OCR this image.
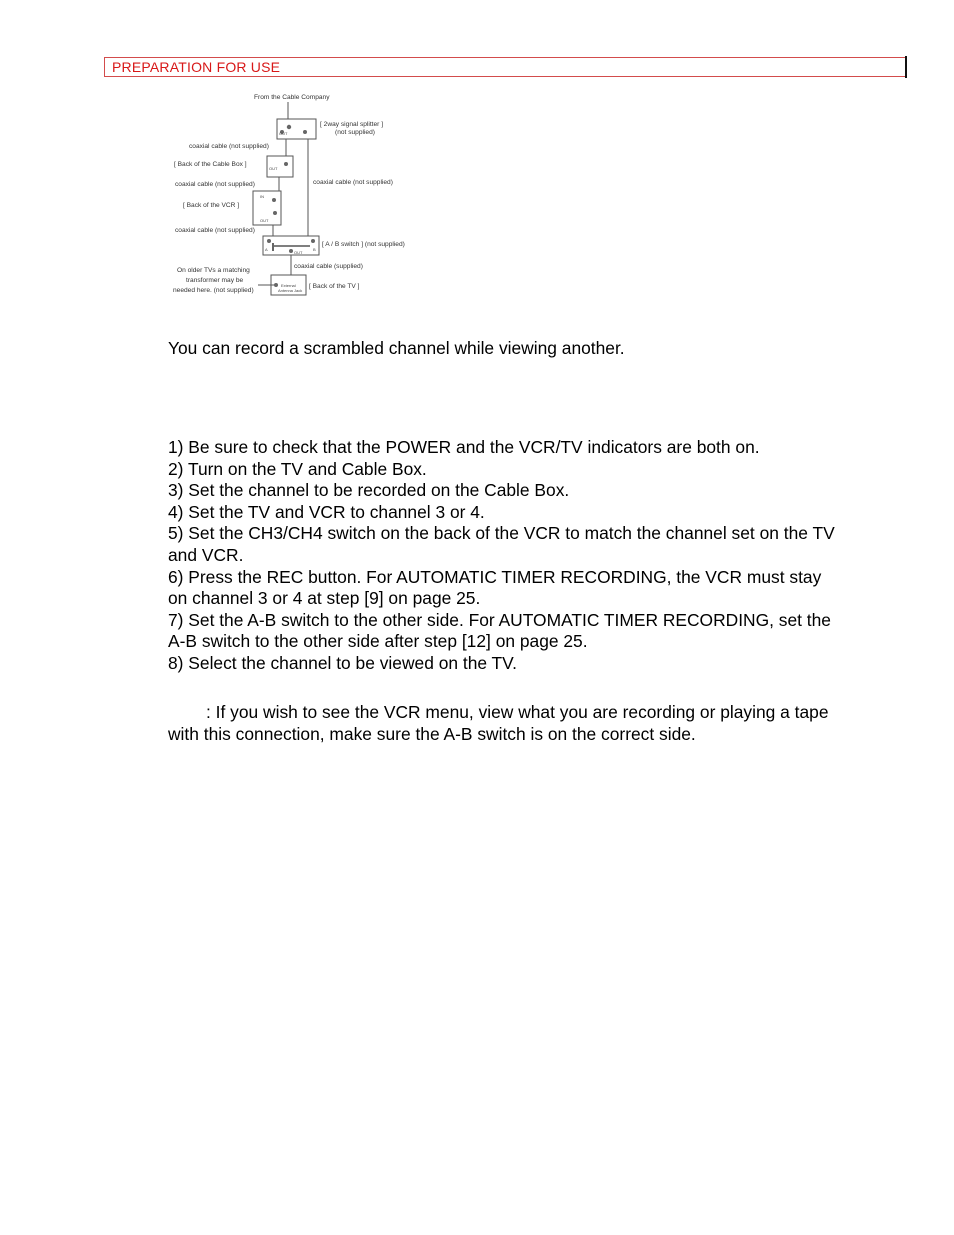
PREPARATION FOR USE
From the Cable Company
[ 2way signal splitter ]
(not supplied)
OUT
coaxial cable (not supplied)
[ Back of the Cable Box ]
OUT
coaxial cable (not supplied)	coaxial cable (not supplied)
[ Back of the VCR ]
IN
OUT
coaxial cable (not supplied)
[ A / B switch ] (not supplied)
A	B
OUT
coaxial cable (supplied)
On older TVs a matching
transformer may be
needed here. (not supplied)
[ Back of the TV ]
External
Antenna Jack
You can record a scrambled channel while viewing another.
1) Be sure to check that the POWER and the VCR/TV indicators are both on.
2) Turn on the TV and Cable Box.
3) Set the channel to be recorded on the Cable Box.
4) Set the TV and VCR to channel 3 or 4.
5) Set the CH3/CH4 switch on the back of the VCR to match the channel set on the TV
and VCR.
6) Press the REC button. For AUTOMATIC TIMER RECORDING, the VCR must stay
on channel 3 or 4 at step [9] on page 25.
7) Set the A-B switch to the other side. For AUTOMATIC TIMER RECORDING, set the
A-B switch to the other side after step [12] on page 25.
8) Select the channel to be viewed on the TV.
: If you wish to see the VCR menu, view what you are recording or playing a tape
with this connection, make sure the A-B switch is on the correct side.
